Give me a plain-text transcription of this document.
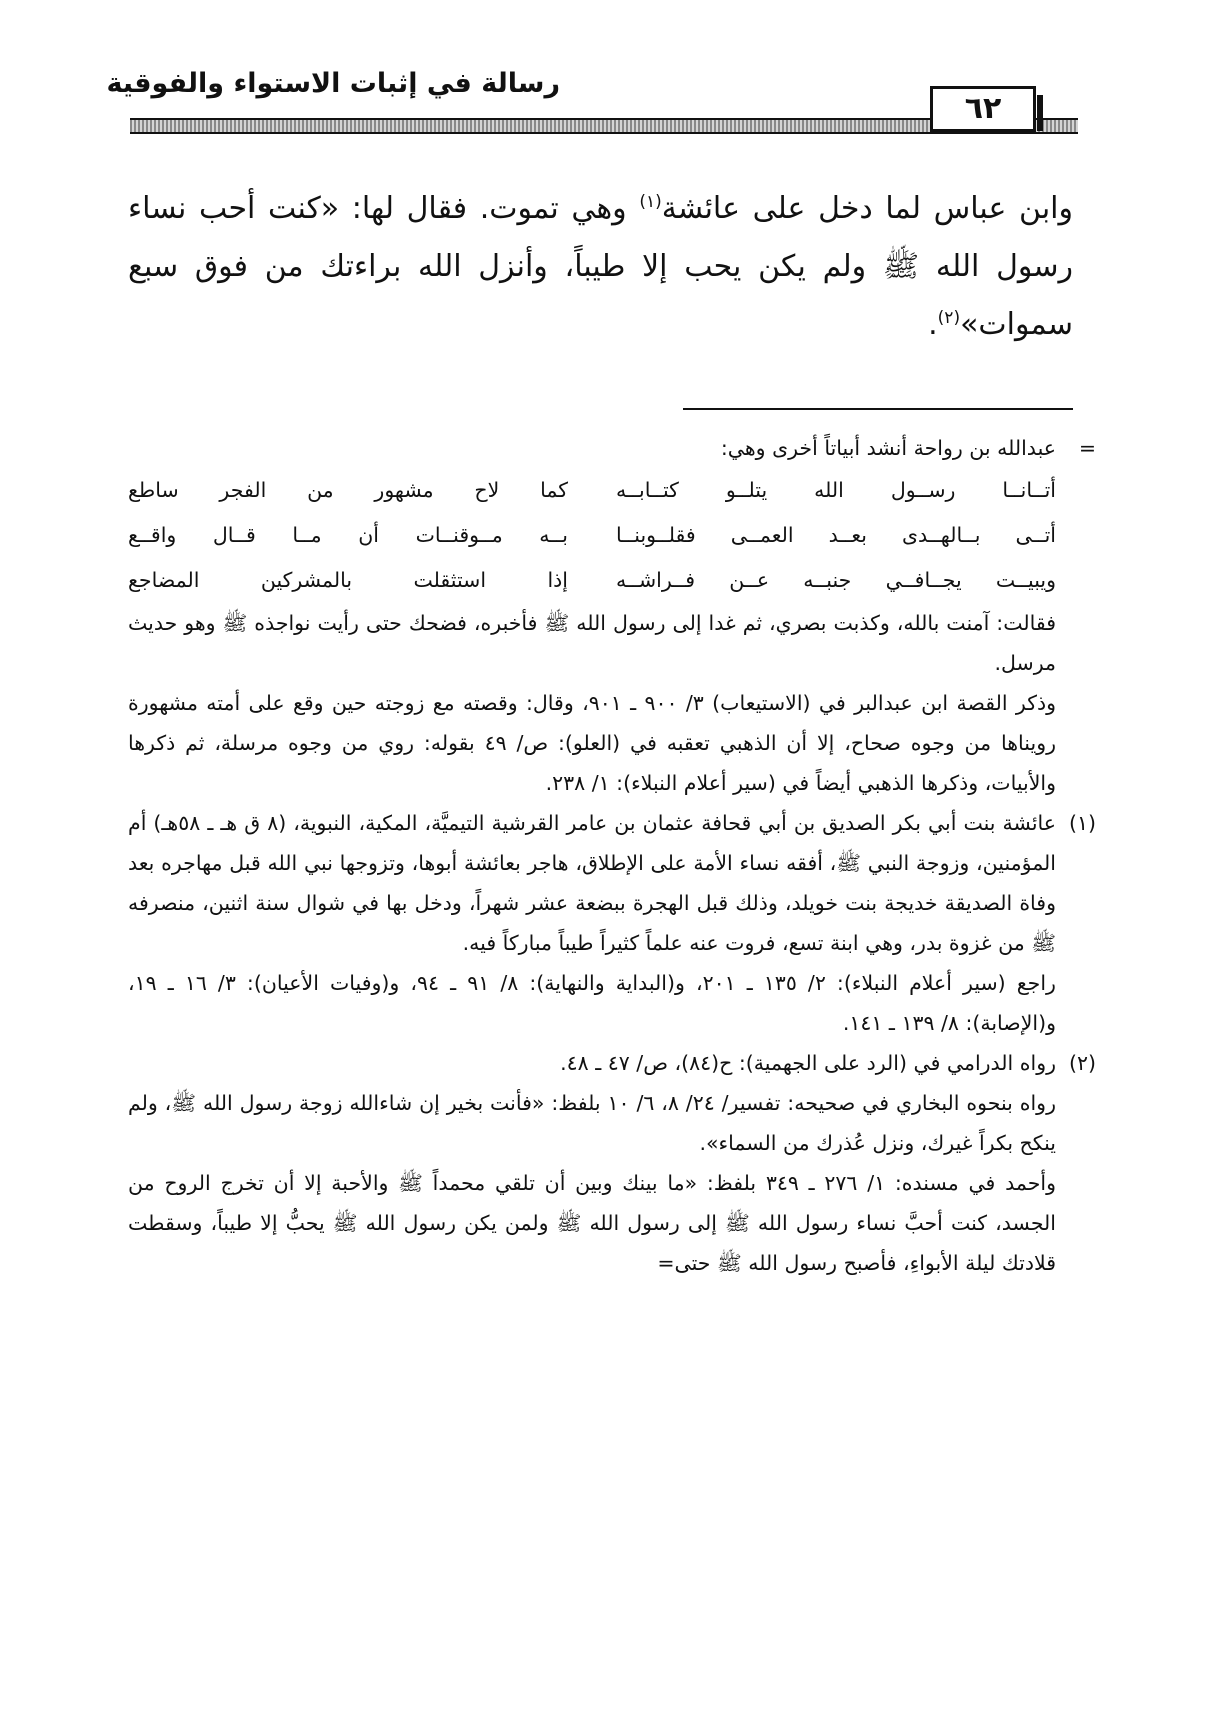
رسالة في إثبات الاستواء والفوقية
٦٢
وابن عباس لما دخل على عائشة$^{(١)}$ وهي تموت. فقال لها: «كنت أحب نساء رسول الله ﷺ ولم يكن يحب إلا طيباً، وأنزل الله براءتك من فوق سبع سموات»$^{(٢)}$.
=
عبدالله بن رواحة أنشد أبياتاً أخرى وهي:
أتــانــا رســول الله يتلــو كتــابــه
كما لاح مشهور من الفجر ساطع
أتــى بــالهــدى بعــد العمــى فقلــوبنــا
بــه مــوقنــات أن مــا قــال واقــع
ويبيــت يجــافــي جنبــه عــن فــراشــه
إذا استثقلت بالمشركين المضاجع

فقالت: آمنت بالله، وكذبت بصري، ثم غدا إلى رسول الله ﷺ فأخبره، فضحك حتى رأيت نواجذه ﷺ وهو حديث مرسل.

وذكر القصة ابن عبدالبر في (الاستيعاب) ٣/ ٩٠٠ ـ ٩٠١، وقال: وقصته مع زوجته حين وقع على أمته مشهورة رويناها من وجوه صحاح، إلا أن الذهبي تعقبه في (العلو): ص/ ٤٩ بقوله: روي من وجوه مرسلة، ثم ذكرها والأبيات، وذكرها الذهبي أيضاً في (سير أعلام النبلاء): ١/ ٢٣٨.

(١)
عائشة بنت أبي بكر الصديق بن أبي قحافة عثمان بن عامر القرشية التيميَّة، المكية، النبوية، (٨ ق هـ ـ ٥٨هـ) أم المؤمنين، وزوجة النبي ﷺ، أفقه نساء الأمة على الإطلاق، هاجر بعائشة أبوها، وتزوجها نبي الله قبل مهاجره بعد وفاة الصديقة خديجة بنت خويلد، وذلك قبل الهجرة ببضعة عشر شهراً، ودخل بها في شوال سنة اثنين، منصرفه ﷺ من غزوة بدر، وهي ابنة تسع، فروت عنه علماً كثيراً طيباً مباركاً فيه.

راجع (سير أعلام النبلاء): ٢/ ١٣٥ ـ ٢٠١، و(البداية والنهاية): ٨/ ٩١ ـ ٩٤، و(وفيات الأعيان): ٣/ ١٦ ـ ١٩، و(الإصابة): ٨/ ١٣٩ ـ ١٤١.

(٢)
رواه الدرامي في (الرد على الجهمية): ح(٨٤)، ص/ ٤٧ ـ ٤٨.

رواه بنحوه البخاري في صحيحه: تفسير/ ٢٤/ ٨، ٦/ ١٠ بلفظ: «فأنت بخير إن شاءالله زوجة رسول الله ﷺ، ولم ينكح بكراً غيرك، ونزل عُذرك من السماء».

وأحمد في مسنده: ١/ ٢٧٦ ـ ٣٤٩ بلفظ: «ما بينك وبين أن تلقي محمداً ﷺ والأحبة إلا أن تخرج الروح من الجسد، كنت أحبَّ نساء رسول الله ﷺ إلى رسول الله ﷺ ولمن يكن رسول الله ﷺ يحبُّ إلا طيباً، وسقطت قلادتك ليلة الأبواءِ، فأصبح رسول الله ﷺ حتى=
